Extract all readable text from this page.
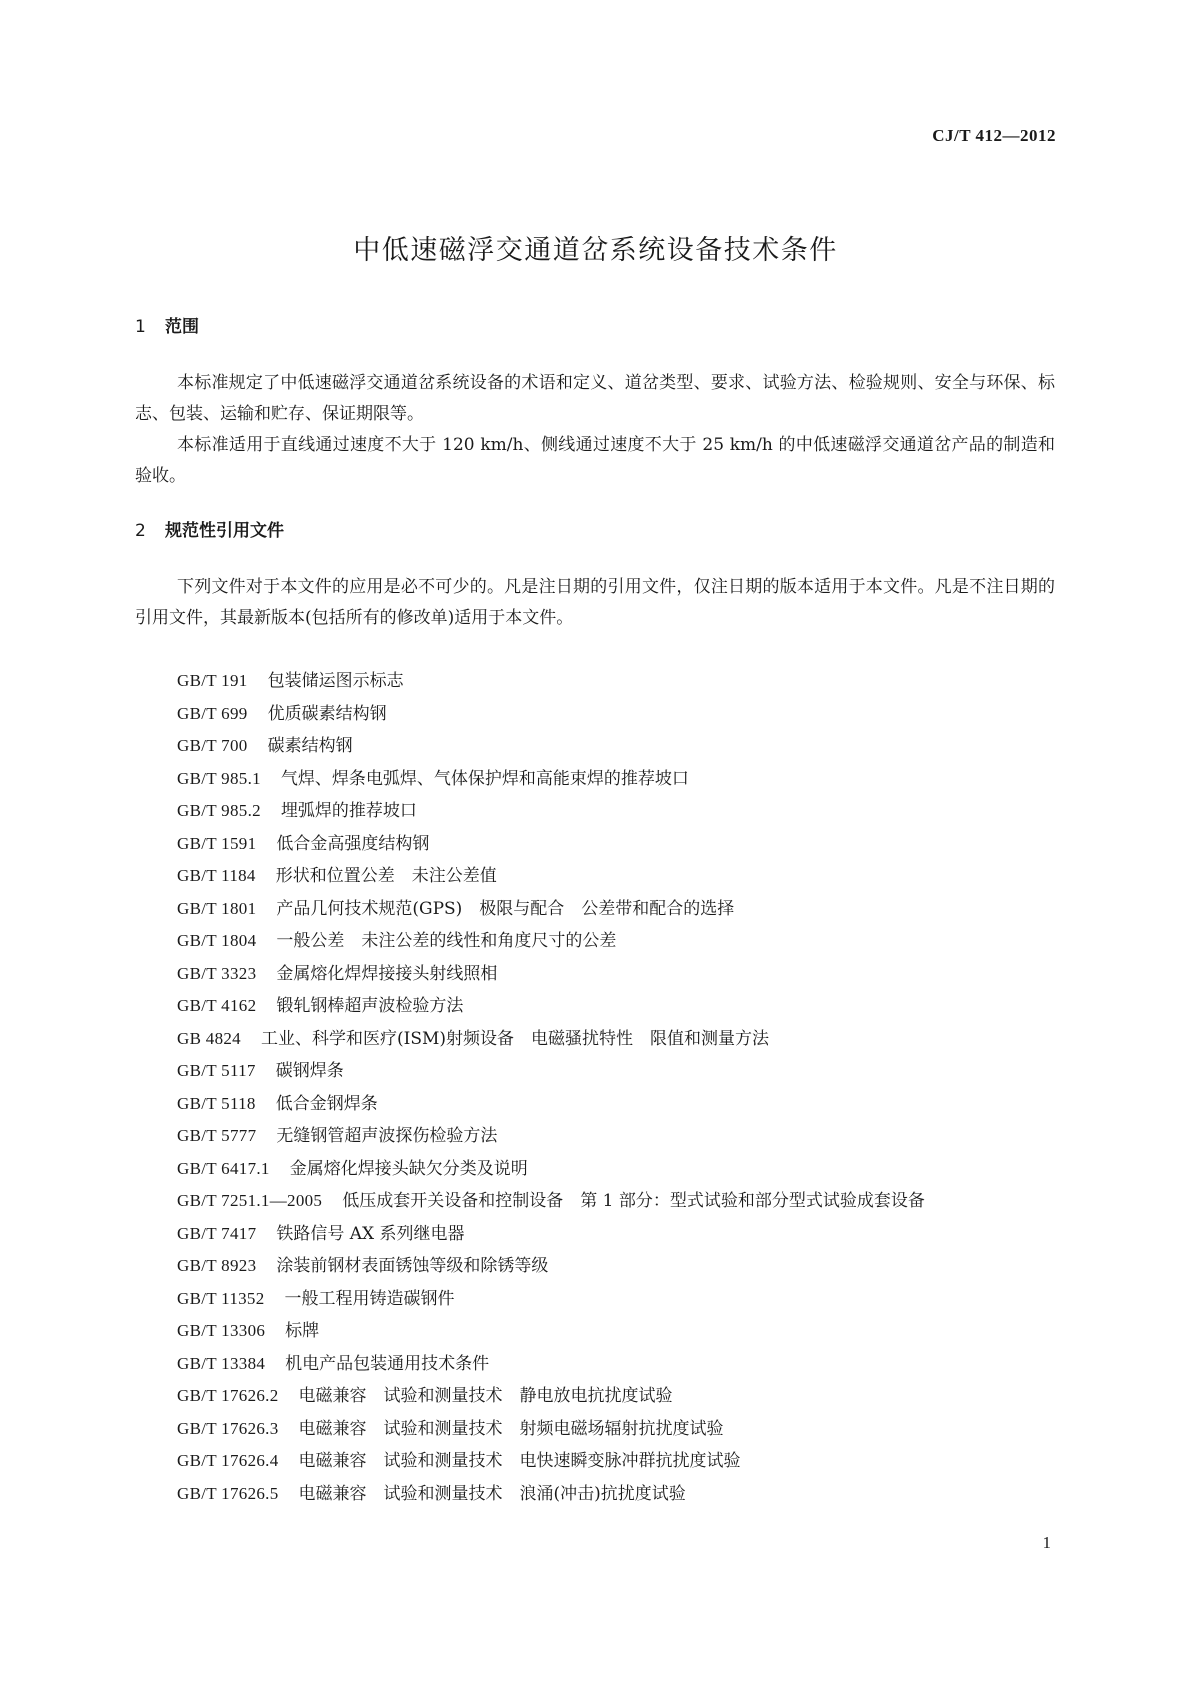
CJ/T 412—2012
中低速磁浮交通道岔系统设备技术条件
1 范围

本标准规定了中低速磁浮交通道岔系统设备的术语和定义、道岔类型、要求、试验方法、检验规则、安全与环保、标志、包装、运输和贮存、保证期限等。

本标准适用于直线通过速度不大于 120 km/h、侧线通过速度不大于 25 km/h 的中低速磁浮交通道岔产品的制造和验收。

2 规范性引用文件

下列文件对于本文件的应用是必不可少的。凡是注日期的引用文件，仅注日期的版本适用于本文件。凡是不注日期的引用文件，其最新版本(包括所有的修改单)适用于本文件。

GB/T 191 包装储运图示标志
GB/T 699 优质碳素结构钢
GB/T 700 碳素结构钢
GB/T 985.1 气焊、焊条电弧焊、气体保护焊和高能束焊的推荐坡口
GB/T 985.2 埋弧焊的推荐坡口
GB/T 1591 低合金高强度结构钢
GB/T 1184 形状和位置公差　未注公差值
GB/T 1801 产品几何技术规范(GPS)　极限与配合　公差带和配合的选择
GB/T 1804 一般公差　未注公差的线性和角度尺寸的公差
GB/T 3323 金属熔化焊焊接接头射线照相
GB/T 4162 锻轧钢棒超声波检验方法
GB 4824 工业、科学和医疗(ISM)射频设备　电磁骚扰特性　限值和测量方法
GB/T 5117 碳钢焊条
GB/T 5118 低合金钢焊条
GB/T 5777 无缝钢管超声波探伤检验方法
GB/T 6417.1 金属熔化焊接头缺欠分类及说明
GB/T 7251.1—2005 低压成套开关设备和控制设备　第 1 部分：型式试验和部分型式试验成套设备
GB/T 7417 铁路信号 AX 系列继电器
GB/T 8923 涂装前钢材表面锈蚀等级和除锈等级
GB/T 11352 一般工程用铸造碳钢件
GB/T 13306 标牌
GB/T 13384 机电产品包装通用技术条件
GB/T 17626.2 电磁兼容　试验和测量技术　静电放电抗扰度试验
GB/T 17626.3 电磁兼容　试验和测量技术　射频电磁场辐射抗扰度试验
GB/T 17626.4 电磁兼容　试验和测量技术　电快速瞬变脉冲群抗扰度试验
GB/T 17626.5 电磁兼容　试验和测量技术　浪涌(冲击)抗扰度试验
1
